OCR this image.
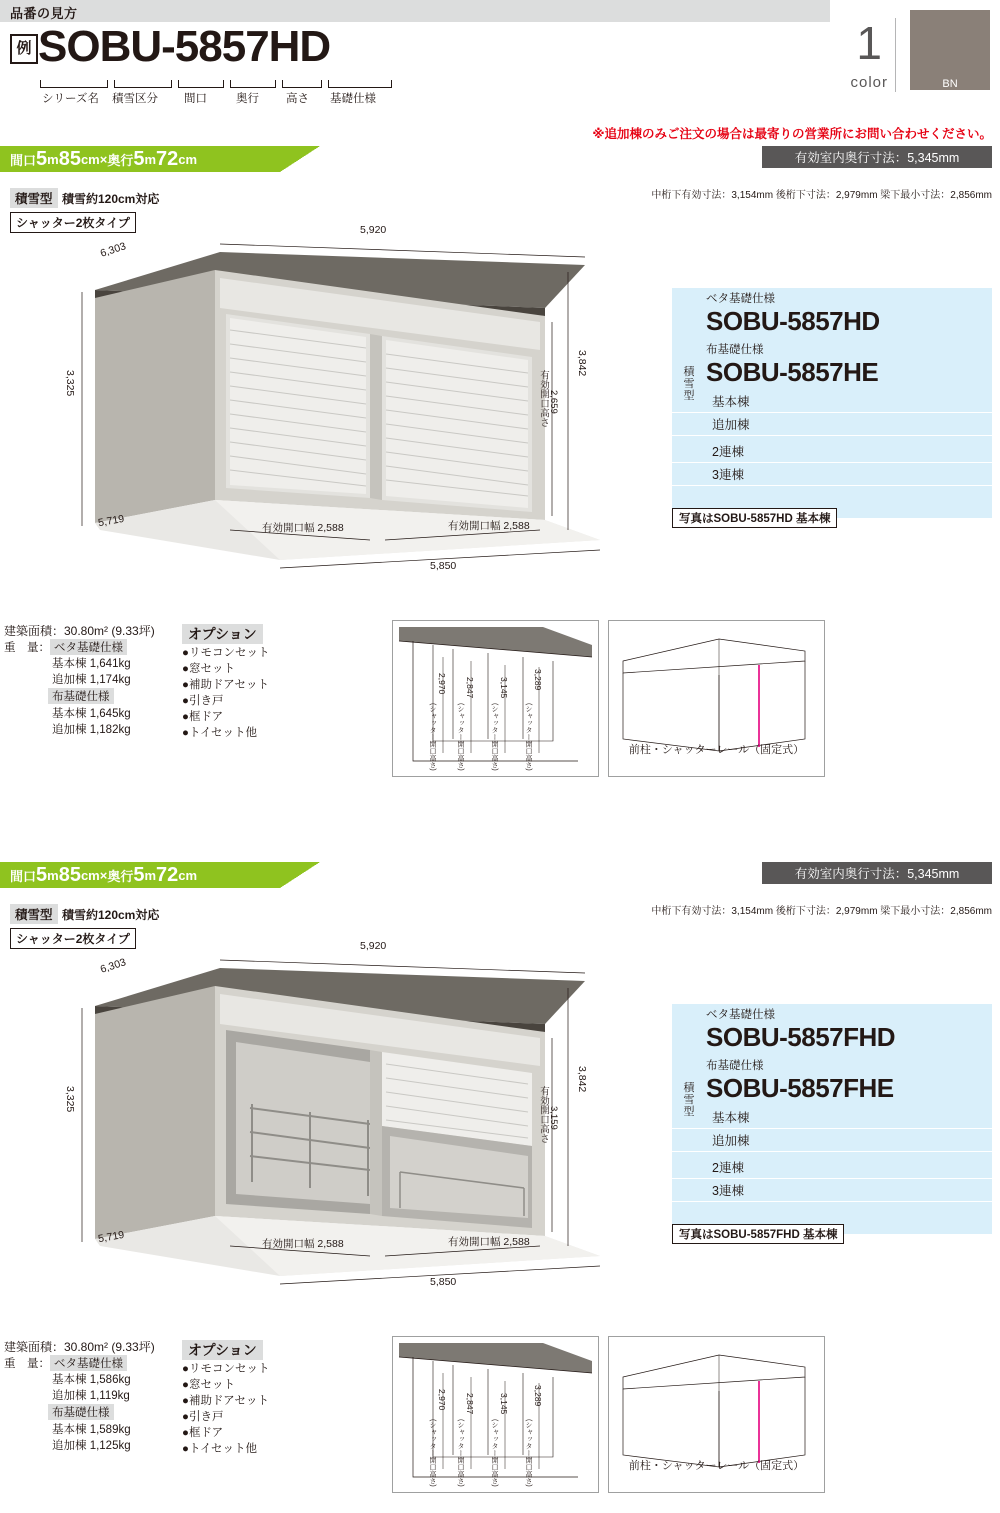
品番の見方
例 SOBU-5857HD
シリーズ名 積雪区分 間口	奥行 高さ 基礎仕様
1
color	BN
※追加棟のみご注文の場合は最寄りの営業所にお問い合わせください。
間口 5 m 85 cm × 奥行 5 m 72 cm	有効室内奥行寸法：5,345mm
中桁下有効寸法：3,154mm 後桁下寸法：2,979mm 梁下最小寸法：2,856mm
積雪型 積雪約120cm対応
シャッター2枚タイプ	5,920
6,303
3,325
3,842
有効開口高さ 2,659
5,719
5,850
有効開口幅 2,588	有効開口幅 2,588
積雪型
ベタ基礎仕様
SOBU-5857HD
布基礎仕様
SOBU-5857HE
基本棟
追加棟
2連棟
3連棟
写真はSOBU-5857HD 基本棟
建築面積：30.80m² (9.33坪)
重　量： ベタ基礎仕様
基本棟 1,641kg
追加棟 1,174kg
布基礎仕様
基本棟 1,645kg
追加棟 1,182kg
オプション
●リモコンセット
●窓セット
●補助ドアセット
●引き戸
●框ドア
●トイセット他
2,970 2,847	3,145	3,289
(シャッター開口高さ)	(シャッター開口高さ)	(シャッター開口高さ)	(シャッター開口高さ)	前柱・シャッターレール（固定式）
間口 5 m 85 cm × 奥行 5 m 72 cm	有効室内奥行寸法：5,345mm
中桁下有効寸法：3,154mm 後桁下寸法：2,979mm 梁下最小寸法：2,856mm
積雪型 積雪約120cm対応
シャッター2枚タイプ	5,920
6,303
3,325
3,842
有効開口高さ 3,159
5,719
5,850
有効開口幅 2,588	有効開口幅 2,588
積雪型
ベタ基礎仕様
SOBU-5857FHD
布基礎仕様
SOBU-5857FHE
基本棟
追加棟
2連棟
3連棟
写真はSOBU-5857FHD 基本棟
建築面積：30.80m² (9.33坪)
重　量： ベタ基礎仕様
基本棟 1,586kg
追加棟 1,119kg
布基礎仕様
基本棟 1,589kg
追加棟 1,125kg
オプション
●リモコンセット
●窓セット
●補助ドアセット
●引き戸
●框ドア
●トイセット他
2,970 2,847	3,145	3,289
(シャッター開口高さ)	(シャッター開口高さ)	(シャッター開口高さ)	(シャッター開口高さ)	前柱・シャッターレール（固定式）
